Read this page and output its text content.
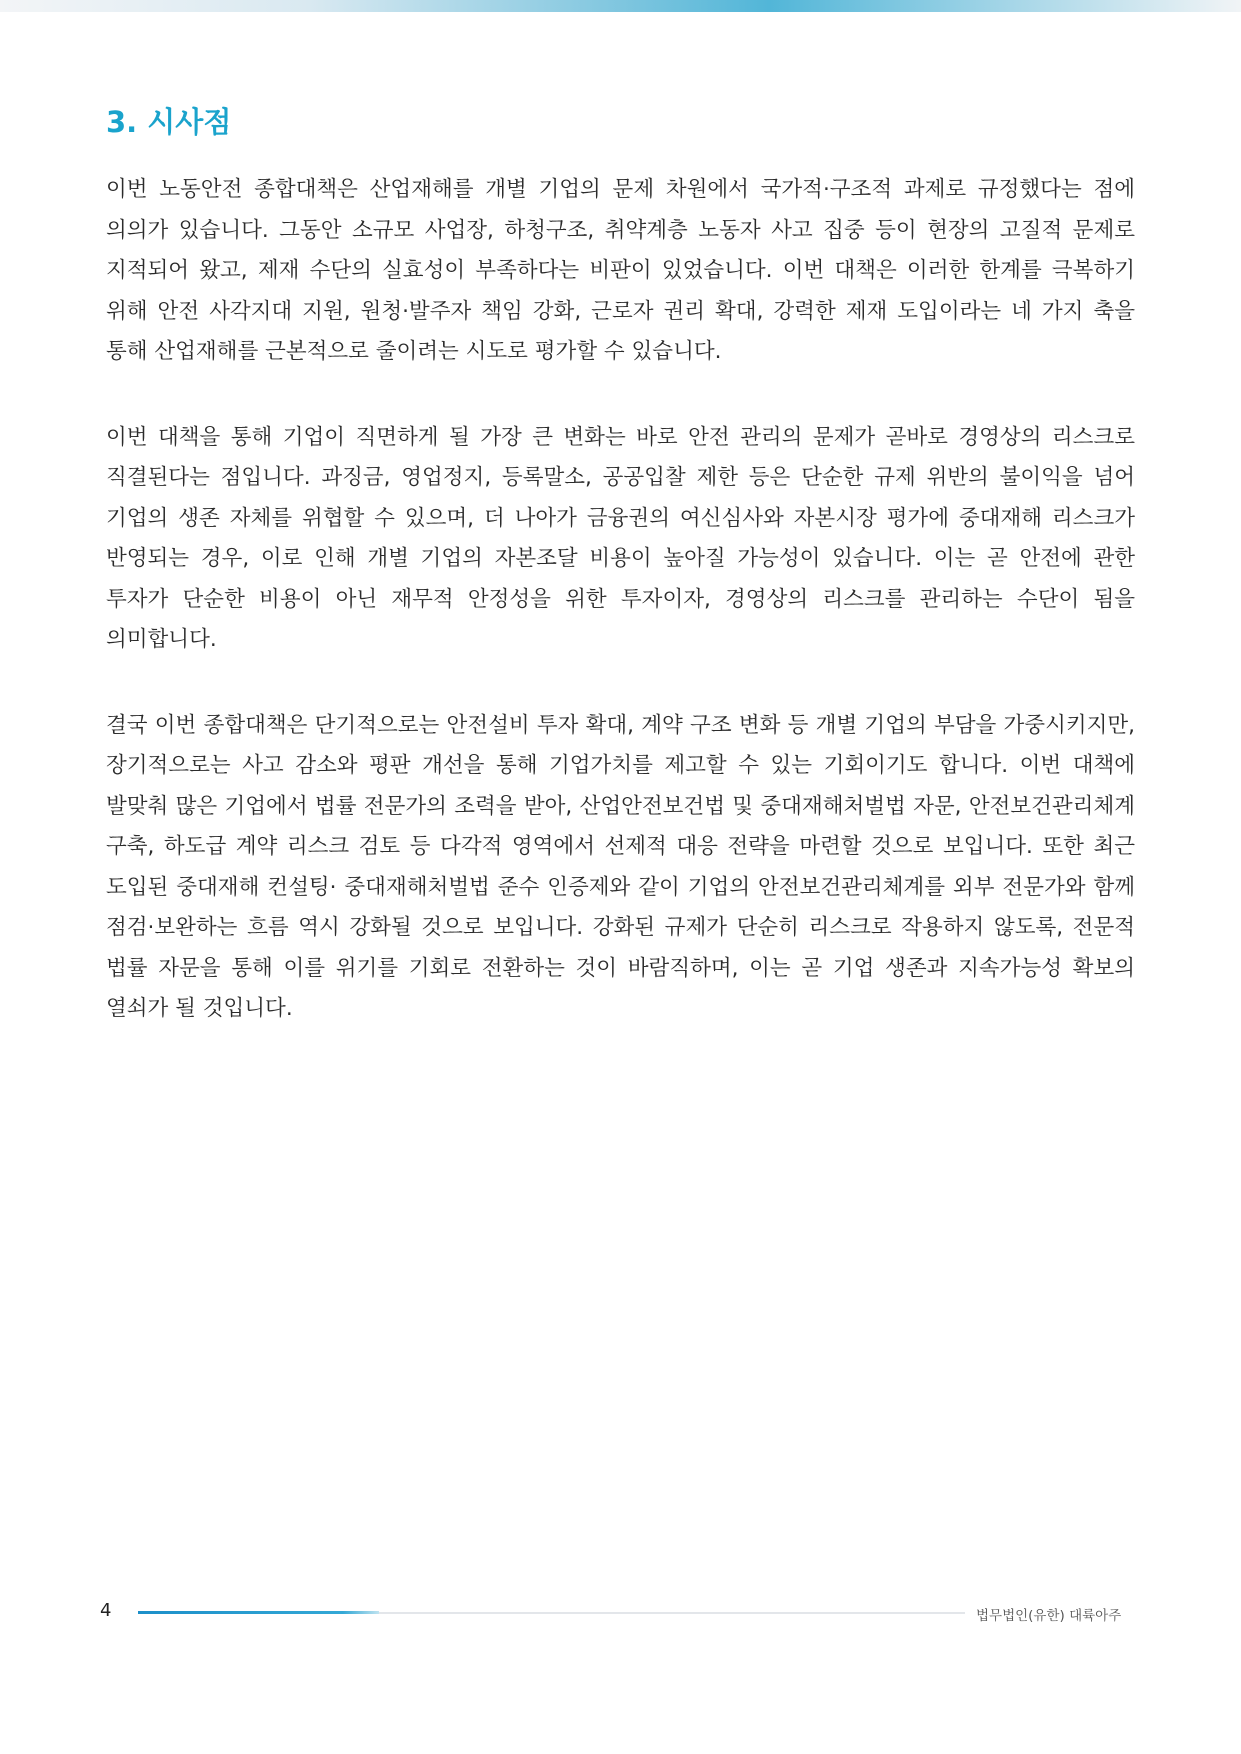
3. 시사점

이번 노동안전 종합대책은 산업재해를 개별 기업의 문제 차원에서 국가적·구조적 과제로 규정했다는 점에 의의가 있습니다. 그동안 소규모 사업장, 하청구조, 취약계층 노동자 사고 집중 등이 현장의 고질적 문제로 지적되어 왔고, 제재 수단의 실효성이 부족하다는 비판이 있었습니다. 이번 대책은 이러한 한계를 극복하기 위해 안전 사각지대 지원, 원청·발주자 책임 강화, 근로자 권리 확대, 강력한 제재 도입이라는 네 가지 축을 통해 산업재해를 근본적으로 줄이려는 시도로 평가할 수 있습니다.

이번 대책을 통해 기업이 직면하게 될 가장 큰 변화는 바로 안전 관리의 문제가 곧바로 경영상의 리스크로 직결된다는 점입니다. 과징금, 영업정지, 등록말소, 공공입찰 제한 등은 단순한 규제 위반의 불이익을 넘어 기업의 생존 자체를 위협할 수 있으며, 더 나아가 금융권의 여신심사와 자본시장 평가에 중대재해 리스크가 반영되는 경우, 이로 인해 개별 기업의 자본조달 비용이 높아질 가능성이 있습니다. 이는 곧 안전에 관한 투자가 단순한 비용이 아닌 재무적 안정성을 위한 투자이자, 경영상의 리스크를 관리하는 수단이 됨을 의미합니다.

결국 이번 종합대책은 단기적으로는 안전설비 투자 확대, 계약 구조 변화 등 개별 기업의 부담을 가중시키지만, 장기적으로는 사고 감소와 평판 개선을 통해 기업가치를 제고할 수 있는 기회이기도 합니다. 이번 대책에 발맞춰 많은 기업에서 법률 전문가의 조력을 받아, 산업안전보건법 및 중대재해처벌법 자문, 안전보건관리체계 구축, 하도급 계약 리스크 검토 등 다각적 영역에서 선제적 대응 전략을 마련할 것으로 보입니다. 또한 최근 도입된 중대재해 컨설팅· 중대재해처벌법 준수 인증제와 같이 기업의 안전보건관리체계를 외부 전문가와 함께 점검·보완하는 흐름 역시 강화될 것으로 보입니다. 강화된 규제가 단순히 리스크로 작용하지 않도록, 전문적 법률 자문을 통해 이를 위기를 기회로 전환하는 것이 바람직하며, 이는 곧 기업 생존과 지속가능성 확보의 열쇠가 될 것입니다.

4	법무법인(유한) 대륙아주
